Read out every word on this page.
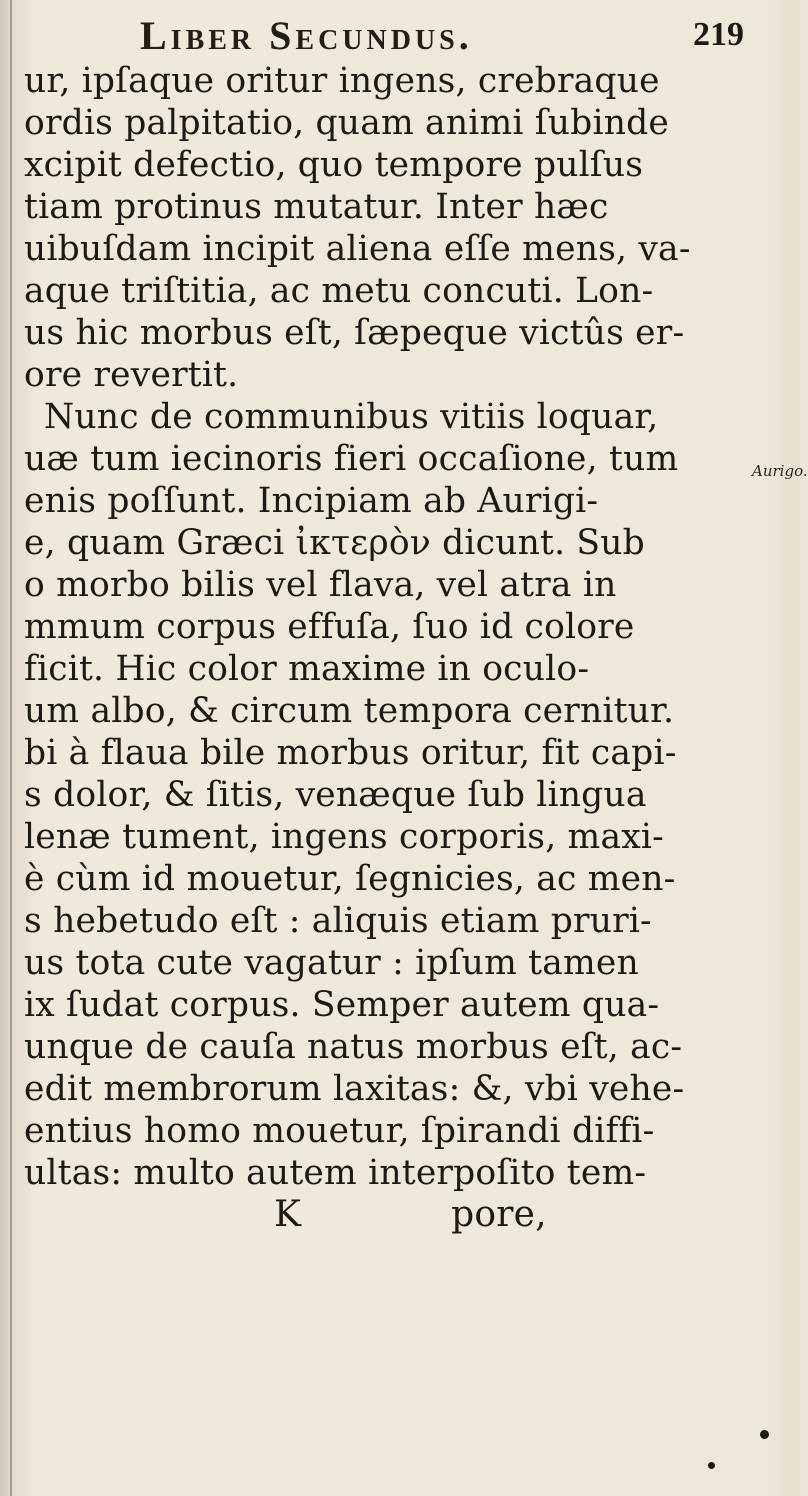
Liber Secundus.	219
ur, ipſaque oritur ingens, crebraque
ordis palpitatio, quam animi ſubinde
xcipit defectio, quo tempore pulſus
tiam protinus mutatur. Inter hæc
uibuſdam incipit aliena eſſe mens, va-
aque triſtitia, ac metu concuti. Lon-
us hic morbus eſt, ſæpeque victûs er-
ore revertit.
Nunc de communibus vitiis loquar,
uæ tum iecinoris fieri occaſione, tum
enis poſſunt. Incipiam ab Aurigi-
e, quam Græci ἰκτερὸν dicunt. Sub
o morbo bilis vel flava, vel atra in
mmum corpus effuſa, ſuo id colore
ficit. Hic color maxime in oculo-
um albo, & circum tempora cernitur.
bi à flaua bile morbus oritur, fit capi-
s dolor, & ſitis, venæque ſub lingua
lenæ tument, ingens corporis, maxi-
è cùm id mouetur, ſegnicies, ac men-
s hebetudo eſt : aliquis etiam pruri-
us tota cute vagatur : ipſum tamen
ix ſudat corpus. Semper autem qua-
unque de cauſa natus morbus eſt, ac-
edit membrorum laxitas: &, vbi vehe-
entius homo mouetur, ſpirandi diffi-
ultas: multo autem interpoſito tem-
K	pore,
Aurigo.
